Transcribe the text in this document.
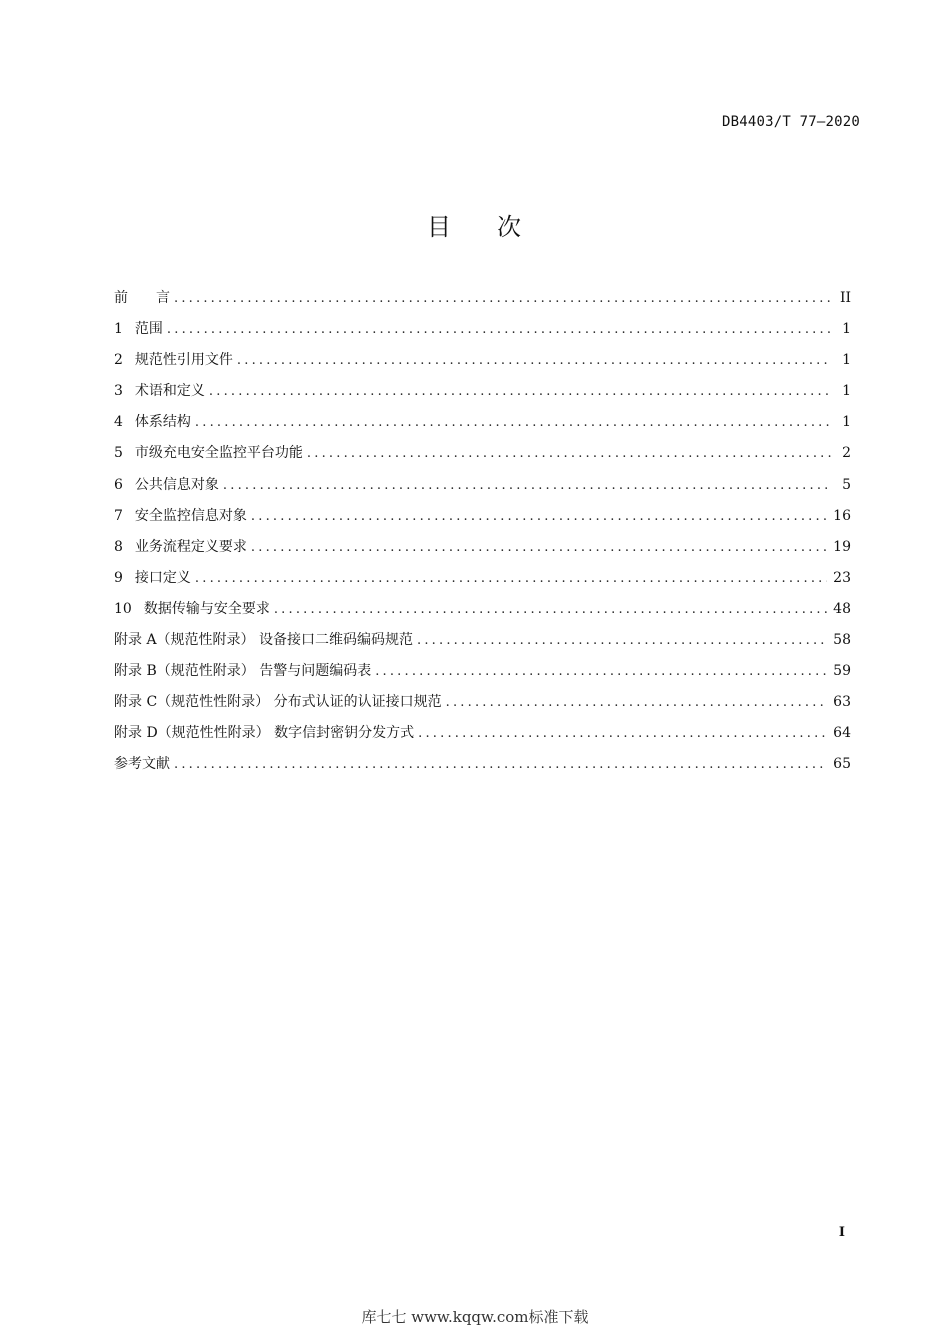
DB4403/T 77—2020
目 次
前　　言 .....	II
1 范围 .....	1
2 规范性引用文件 .....	1
3 术语和定义 .....	1
4 体系结构 .....	1
5 市级充电安全监控平台功能 .....	2
6 公共信息对象 .....	5
7 安全监控信息对象 .....	16
8 业务流程定义要求 .....	19
9 接口定义 .....	23
10 数据传输与安全要求 .....	48
附录 A（规范性附录） 设备接口二维码编码规范 .....	58
附录 B（规范性附录） 告警与问题编码表 .....	59
附录 C（规范性性附录） 分布式认证的认证接口规范 .....	63
附录 D（规范性性附录） 数字信封密钥分发方式 .....	64
参考文献 .....	65
I
库七七 www.kqqw.com标准下载
